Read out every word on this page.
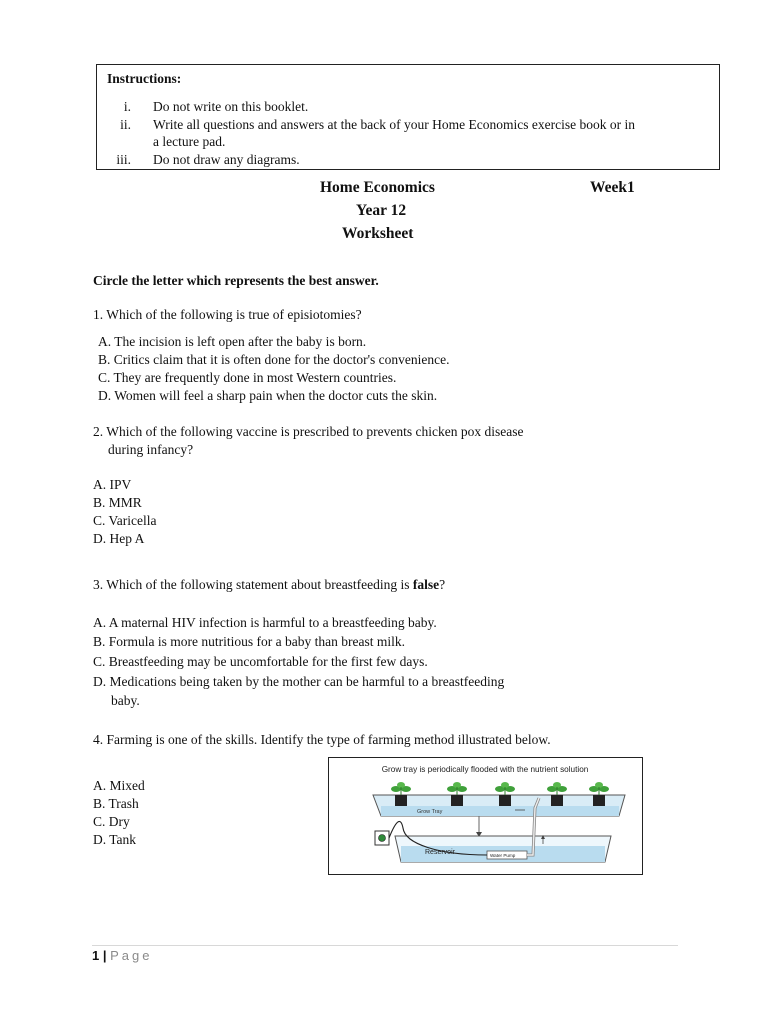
Instructions:
i. Do not write on this booklet.
ii. Write all questions and answers at the back of your Home Economics exercise book or in
a lecture pad.
iii. Do not draw any diagrams.
Home Economics	Week1
Year 12
Worksheet
Circle the letter which represents the best answer.
1. Which of the following is true of episiotomies?
A. The incision is left open after the baby is born.
B. Critics claim that it is often done for the doctor's convenience.
C. They are frequently done in most Western countries.
D. Women will feel a sharp pain when the doctor cuts the skin.
2. Which of the following vaccine is prescribed to prevents chicken pox disease
during infancy?
A. IPV
B. MMR
C. Varicella
D. Hep A
3. Which of the following statement about breastfeeding is false?
A. A maternal HIV infection is harmful to a breastfeeding baby.
B. Formula is more nutritious for a baby than breast milk.
C. Breastfeeding may be uncomfortable for the first few days.
D. Medications being taken by the mother can be harmful to a breastfeeding
baby.
4. Farming is one of the skills. Identify the type of farming method illustrated below.
A. Mixed
B. Trash
C. Dry
D. Tank
Grow tray is periodically flooded with the nutrient solution
Grow Tray
Reservoir	Water Pump
1 | Page
